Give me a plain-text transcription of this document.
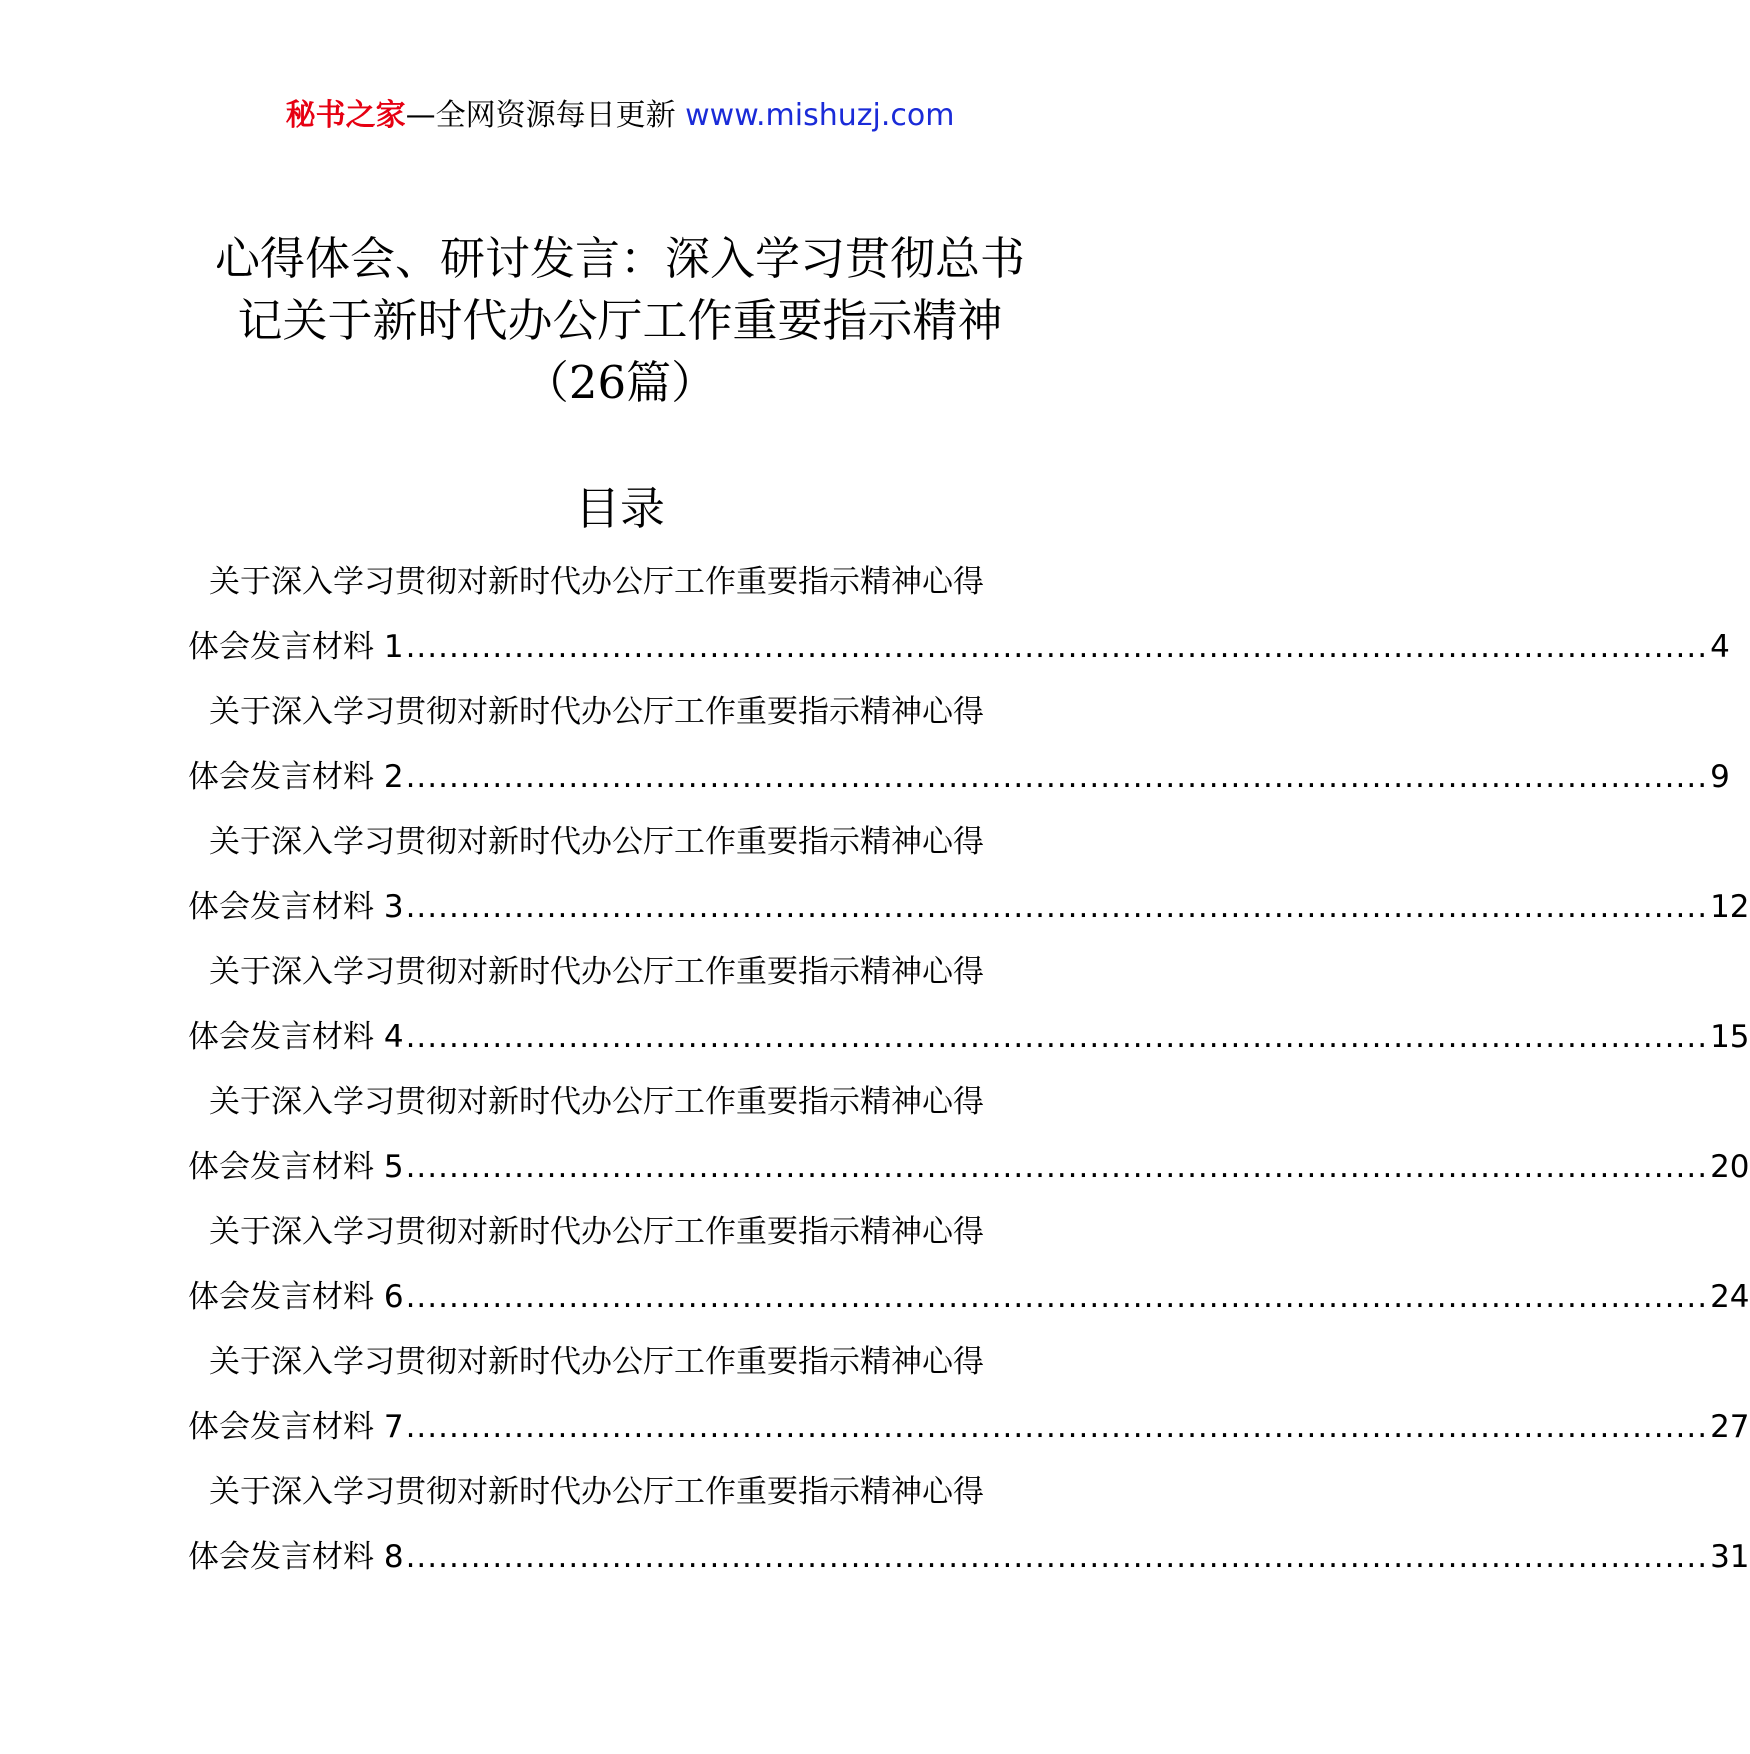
秘书之家—全网资源每日更新 www.mishuzj.com
心得体会、研讨发言：深入学习贯彻总书
记关于新时代办公厅工作重要指示精神
（26篇）
目录
关于深入学习贯彻对新时代办公厅工作重要指示精神心得
体会发言材料 1 ........................................................................................................................ 4
关于深入学习贯彻对新时代办公厅工作重要指示精神心得
体会发言材料 2 ........................................................................................................................ 9
关于深入学习贯彻对新时代办公厅工作重要指示精神心得
体会发言材料 3 ........................................................................................................................ 12
关于深入学习贯彻对新时代办公厅工作重要指示精神心得
体会发言材料 4 ........................................................................................................................ 15
关于深入学习贯彻对新时代办公厅工作重要指示精神心得
体会发言材料 5 ........................................................................................................................ 20
关于深入学习贯彻对新时代办公厅工作重要指示精神心得
体会发言材料 6 ........................................................................................................................ 24
关于深入学习贯彻对新时代办公厅工作重要指示精神心得
体会发言材料 7 ........................................................................................................................ 27
关于深入学习贯彻对新时代办公厅工作重要指示精神心得
体会发言材料 8 ........................................................................................................................ 31
